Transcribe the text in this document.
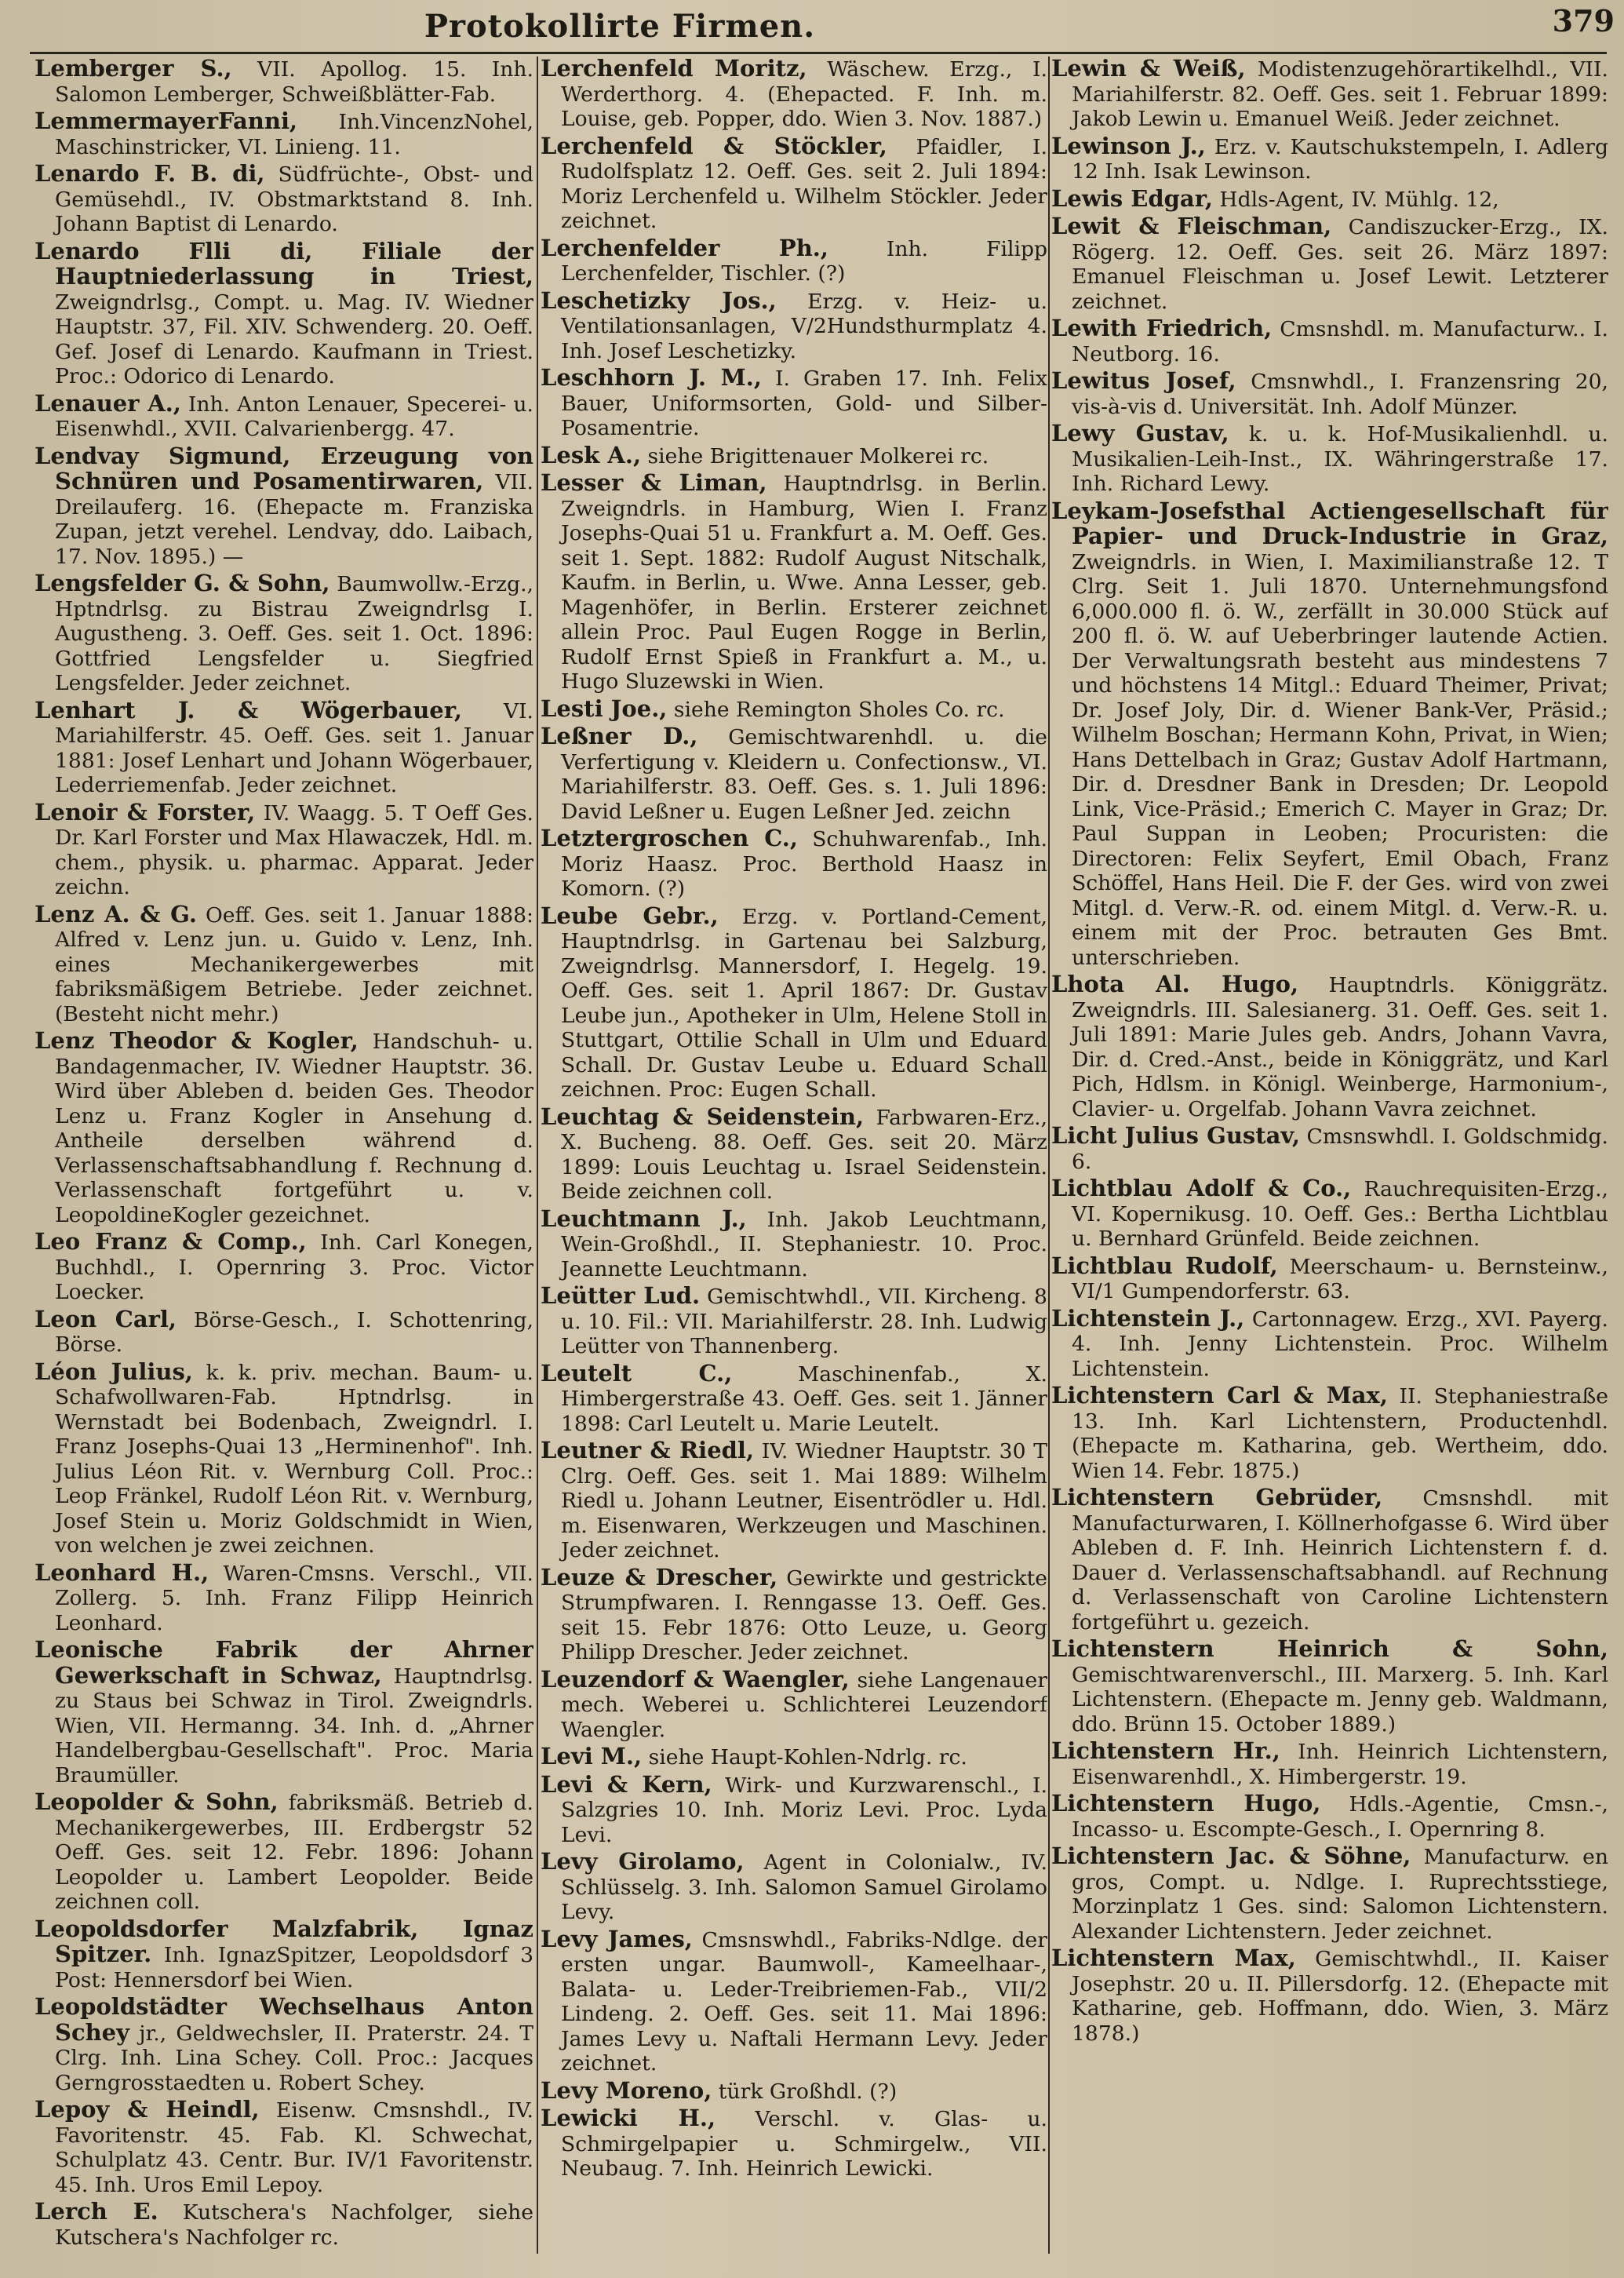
Protokollirte Firmen.	379

Lemberger S., VII. Apollog. 15. Inh. Salomon Lemberger, Schweißblätter-Fab.

LemmermayerFanni, Inh.VincenzNohel, Maschinstricker, VI. Linieng. 11.

Lenardo F. B. di, Südfrüchte-, Obst- und Gemüsehdl., IV. Obstmarktstand 8. Inh. Johann Baptist di Lenardo.

Lenardo Flli di, Filiale der Hauptniederlassung in Triest, Zweigndrlsg., Compt. u. Mag. IV. Wiedner Hauptstr. 37, Fil. XIV. Schwenderg. 20. Oeff. Gef. Josef di Lenardo. Kaufmann in Triest. Proc.: Odorico di Lenardo.

Lenauer A., Inh. Anton Lenauer, Specerei- u. Eisenwhdl., XVII. Calvarienbergg. 47.

Lendvay Sigmund, Erzeugung von Schnüren und Posamentirwaren, VII. Dreilauferg. 16. (Ehepacte m. Franziska Zupan, jetzt verehel. Lendvay, ddo. Laibach, 17. Nov. 1895.) —

Lengsfelder G. & Sohn, Baumwollw.-Erzg., Hptndrlsg. zu Bistrau Zweigndrlsg I. Augustheng. 3. Oeff. Ges. seit 1. Oct. 1896: Gottfried Lengsfelder u. Siegfried Lengsfelder. Jeder zeichnet.

Lenhart J. & Wögerbauer, VI. Mariahilferstr. 45. Oeff. Ges. seit 1. Januar 1881: Josef Lenhart und Johann Wögerbauer, Lederriemenfab. Jeder zeichnet.

Lenoir & Forster, IV. Waagg. 5. T Oeff Ges. Dr. Karl Forster und Max Hlawaczek, Hdl. m. chem., physik. u. pharmac. Apparat. Jeder zeichn.

Lenz A. & G. Oeff. Ges. seit 1. Januar 1888: Alfred v. Lenz jun. u. Guido v. Lenz, Inh. eines Mechanikergewerbes mit fabriksmäßigem Betriebe. Jeder zeichnet. (Besteht nicht mehr.)

Lenz Theodor & Kogler, Handschuh- u. Bandagenmacher, IV. Wiedner Hauptstr. 36. Wird über Ableben d. beiden Ges. Theodor Lenz u. Franz Kogler in Ansehung d. Antheile derselben während d. Verlassenschaftsabhandlung f. Rechnung d. Verlassenschaft fortgeführt u. v. LeopoldineKogler gezeichnet.

Leo Franz & Comp., Inh. Carl Konegen, Buchhdl., I. Opernring 3. Proc. Victor Loecker.

Leon Carl, Börse-Gesch., I. Schottenring, Börse.

Léon Julius, k. k. priv. mechan. Baum- u. Schafwollwaren-Fab. Hptndrlsg. in Wernstadt bei Bodenbach, Zweigndrl. I. Franz Josephs-Quai 13 „Herminenhof". Inh. Julius Léon Rit. v. Wernburg Coll. Proc.: Leop Fränkel, Rudolf Léon Rit. v. Wernburg, Josef Stein u. Moriz Goldschmidt in Wien, von welchen je zwei zeichnen.

Leonhard H., Waren-Cmsns. Verschl., VII. Zollerg. 5. Inh. Franz Filipp Heinrich Leonhard.

Leonische Fabrik der Ahrner Gewerkschaft in Schwaz, Hauptndrlsg. zu Staus bei Schwaz in Tirol. Zweigndrls. Wien, VII. Hermanng. 34. Inh. d. „Ahrner Handelbergbau-Gesellschaft". Proc. Maria Braumüller.

Leopolder & Sohn, fabriksmäß. Betrieb d. Mechanikergewerbes, III. Erdbergstr 52 Oeff. Ges. seit 12. Febr. 1896: Johann Leopolder u. Lambert Leopolder. Beide zeichnen coll.

Leopoldsdorfer Malzfabrik, Ignaz Spitzer. Inh. IgnazSpitzer, Leopoldsdorf 3 Post: Hennersdorf bei Wien.

Leopoldstädter Wechselhaus Anton Schey jr., Geldwechsler, II. Praterstr. 24. T Clrg. Inh. Lina Schey. Coll. Proc.: Jacques Gerngrosstaedten u. Robert Schey.

Lepoy & Heindl, Eisenw. Cmsnshdl., IV. Favoritenstr. 45. Fab. Kl. Schwechat, Schulplatz 43. Centr. Bur. IV/1 Favoritenstr. 45. Inh. Uros Emil Lepoy.

Lerch E. Kutschera's Nachfolger, siehe Kutschera's Nachfolger rc.

Lerchenfeld Moritz, Wäschew. Erzg., I. Werderthorg. 4. (Ehepacted. F. Inh. m. Louise, geb. Popper, ddo. Wien 3. Nov. 1887.)

Lerchenfeld & Stöckler, Pfaidler, I. Rudolfsplatz 12. Oeff. Ges. seit 2. Juli 1894: Moriz Lerchenfeld u. Wilhelm Stöckler. Jeder zeichnet.

Lerchenfelder Ph., Inh. Filipp Lerchenfelder, Tischler. (?)

Leschetizky Jos., Erzg. v. Heiz- u. Ventilationsanlagen, V/2Hundsthurmplatz 4. Inh. Josef Leschetizky.

Leschhorn J. M., I. Graben 17. Inh. Felix Bauer, Uniformsorten, Gold- und Silber-Posamentrie.

Lesk A., siehe Brigittenauer Molkerei rc.

Lesser & Liman, Hauptndrlsg. in Berlin. Zweigndrls. in Hamburg, Wien I. Franz Josephs-Quai 51 u. Frankfurt a. M. Oeff. Ges. seit 1. Sept. 1882: Rudolf August Nitschalk, Kaufm. in Berlin, u. Wwe. Anna Lesser, geb. Magenhöfer, in Berlin. Ersterer zeichnet allein Proc. Paul Eugen Rogge in Berlin, Rudolf Ernst Spieß in Frankfurt a. M., u. Hugo Sluzewski in Wien.

Lesti Joe., siehe Remington Sholes Co. rc.

Leßner D., Gemischtwarenhdl. u. die Verfertigung v. Kleidern u. Confectionsw., VI. Mariahilferstr. 83. Oeff. Ges. s. 1. Juli 1896: David Leßner u. Eugen Leßner Jed. zeichn

Letztergroschen C., Schuhwarenfab., Inh. Moriz Haasz. Proc. Berthold Haasz in Komorn. (?)

Leube Gebr., Erzg. v. Portland-Cement, Hauptndrlsg. in Gartenau bei Salzburg, Zweigndrlsg. Mannersdorf, I. Hegelg. 19. Oeff. Ges. seit 1. April 1867: Dr. Gustav Leube jun., Apotheker in Ulm, Helene Stoll in Stuttgart, Ottilie Schall in Ulm und Eduard Schall. Dr. Gustav Leube u. Eduard Schall zeichnen. Proc: Eugen Schall.

Leuchtag & Seidenstein, Farbwaren-Erz., X. Bucheng. 88. Oeff. Ges. seit 20. März 1899: Louis Leuchtag u. Israel Seidenstein. Beide zeichnen coll.

Leuchtmann J., Inh. Jakob Leuchtmann, Wein-Großhdl., II. Stephaniestr. 10. Proc. Jeannette Leuchtmann.

Leütter Lud. Gemischtwhdl., VII. Kircheng. 8 u. 10. Fil.: VII. Mariahilferstr. 28. Inh. Ludwig Leütter von Thannenberg.

Leutelt C., Maschinenfab., X. Himbergerstraße 43. Oeff. Ges. seit 1. Jänner 1898: Carl Leutelt u. Marie Leutelt.

Leutner & Riedl, IV. Wiedner Hauptstr. 30 T Clrg. Oeff. Ges. seit 1. Mai 1889: Wilhelm Riedl u. Johann Leutner, Eisentrödler u. Hdl. m. Eisenwaren, Werkzeugen und Maschinen. Jeder zeichnet.

Leuze & Drescher, Gewirkte und gestrickte Strumpfwaren. I. Renngasse 13. Oeff. Ges. seit 15. Febr 1876: Otto Leuze, u. Georg Philipp Drescher. Jeder zeichnet.

Leuzendorf & Waengler, siehe Langenauer mech. Weberei u. Schlichterei Leuzendorf Waengler.

Levi M., siehe Haupt-Kohlen-Ndrlg. rc.

Levi & Kern, Wirk- und Kurzwarenschl., I. Salzgries 10. Inh. Moriz Levi. Proc. Lyda Levi.

Levy Girolamo, Agent in Colonialw., IV. Schlüsselg. 3. Inh. Salomon Samuel Girolamo Levy.

Levy James, Cmsnswhdl., Fabriks-Ndlge. der ersten ungar. Baumwoll-, Kameelhaar-, Balata- u. Leder-Treibriemen-Fab., VII/2 Lindeng. 2. Oeff. Ges. seit 11. Mai 1896: James Levy u. Naftali Hermann Levy. Jeder zeichnet.

Levy Moreno, türk Großhdl. (?)

Lewicki H., Verschl. v. Glas- u. Schmirgelpapier u. Schmirgelw., VII. Neubaug. 7. Inh. Heinrich Lewicki.

Lewin & Weiß, Modistenzugehörartikelhdl., VII. Mariahilferstr. 82. Oeff. Ges. seit 1. Februar 1899: Jakob Lewin u. Emanuel Weiß. Jeder zeichnet.

Lewinson J., Erz. v. Kautschukstempeln, I. Adlerg 12 Inh. Isak Lewinson.

Lewis Edgar, Hdls-Agent, IV. Mühlg. 12,

Lewit & Fleischman, Candiszucker-Erzg., IX. Rögerg. 12. Oeff. Ges. seit 26. März 1897: Emanuel Fleischman u. Josef Lewit. Letzterer zeichnet.

Lewith Friedrich, Cmsnshdl. m. Manufacturw.. I. Neutborg. 16.

Lewitus Josef, Cmsnwhdl., I. Franzensring 20, vis-à-vis d. Universität. Inh. Adolf Münzer.

Lewy Gustav, k. u. k. Hof-Musikalienhdl. u. Musikalien-Leih-Inst., IX. Währingerstraße 17. Inh. Richard Lewy.

Leykam-Josefsthal Actiengesellschaft für Papier- und Druck-Industrie in Graz, Zweigndrls. in Wien, I. Maximilianstraße 12. T Clrg. Seit 1. Juli 1870. Unternehmungsfond 6,000.000 fl. ö. W., zerfällt in 30.000 Stück auf 200 fl. ö. W. auf Ueberbringer lautende Actien. Der Verwaltungsrath besteht aus mindestens 7 und höchstens 14 Mitgl.: Eduard Theimer, Privat; Dr. Josef Joly, Dir. d. Wiener Bank-Ver, Präsid.; Wilhelm Boschan; Hermann Kohn, Privat, in Wien; Hans Dettelbach in Graz; Gustav Adolf Hartmann, Dir. d. Dresdner Bank in Dresden; Dr. Leopold Link, Vice-Präsid.; Emerich C. Mayer in Graz; Dr. Paul Suppan in Leoben; Procuristen: die Directoren: Felix Seyfert, Emil Obach, Franz Schöffel, Hans Heil. Die F. der Ges. wird von zwei Mitgl. d. Verw.-R. od. einem Mitgl. d. Verw.-R. u. einem mit der Proc. betrauten Ges Bmt. unterschrieben.

Lhota Al. Hugo, Hauptndrls. Königgrätz. Zweigndrls. III. Salesianerg. 31. Oeff. Ges. seit 1. Juli 1891: Marie Jules geb. Andrs, Johann Vavra, Dir. d. Cred.-Anst., beide in Königgrätz, und Karl Pich, Hdlsm. in Königl. Weinberge, Harmonium-, Clavier- u. Orgelfab. Johann Vavra zeichnet.

Licht Julius Gustav, Cmsnswhdl. I. Goldschmidg. 6.

Lichtblau Adolf & Co., Rauchrequisiten-Erzg., VI. Kopernikusg. 10. Oeff. Ges.: Bertha Lichtblau u. Bernhard Grünfeld. Beide zeichnen.

Lichtblau Rudolf, Meerschaum- u. Bernsteinw., VI/1 Gumpendorferstr. 63.

Lichtenstein J., Cartonnagew. Erzg., XVI. Payerg. 4. Inh. Jenny Lichtenstein. Proc. Wilhelm Lichtenstein.

Lichtenstern Carl & Max, II. Stephaniestraße 13. Inh. Karl Lichtenstern, Productenhdl. (Ehepacte m. Katharina, geb. Wertheim, ddo. Wien 14. Febr. 1875.)

Lichtenstern Gebrüder, Cmsnshdl. mit Manufacturwaren, I. Köllnerhofgasse 6. Wird über Ableben d. F. Inh. Heinrich Lichtenstern f. d. Dauer d. Verlassenschaftsabhandl. auf Rechnung d. Verlassenschaft von Caroline Lichtenstern fortgeführt u. gezeich.

Lichtenstern Heinrich & Sohn, Gemischtwarenverschl., III. Marxerg. 5. Inh. Karl Lichtenstern. (Ehepacte m. Jenny geb. Waldmann, ddo. Brünn 15. October 1889.)

Lichtenstern Hr., Inh. Heinrich Lichtenstern, Eisenwarenhdl., X. Himbergerstr. 19.

Lichtenstern Hugo, Hdls.-Agentie, Cmsn.-, Incasso- u. Escompte-Gesch., I. Opernring 8.

Lichtenstern Jac. & Söhne, Manufacturw. en gros, Compt. u. Ndlge. I. Ruprechtsstiege, Morzinplatz 1 Ges. sind: Salomon Lichtenstern. Alexander Lichtenstern. Jeder zeichnet.

Lichtenstern Max, Gemischtwhdl., II. Kaiser Josephstr. 20 u. II. Pillersdorfg. 12. (Ehepacte mit Katharine, geb. Hoffmann, ddo. Wien, 3. März 1878.)
